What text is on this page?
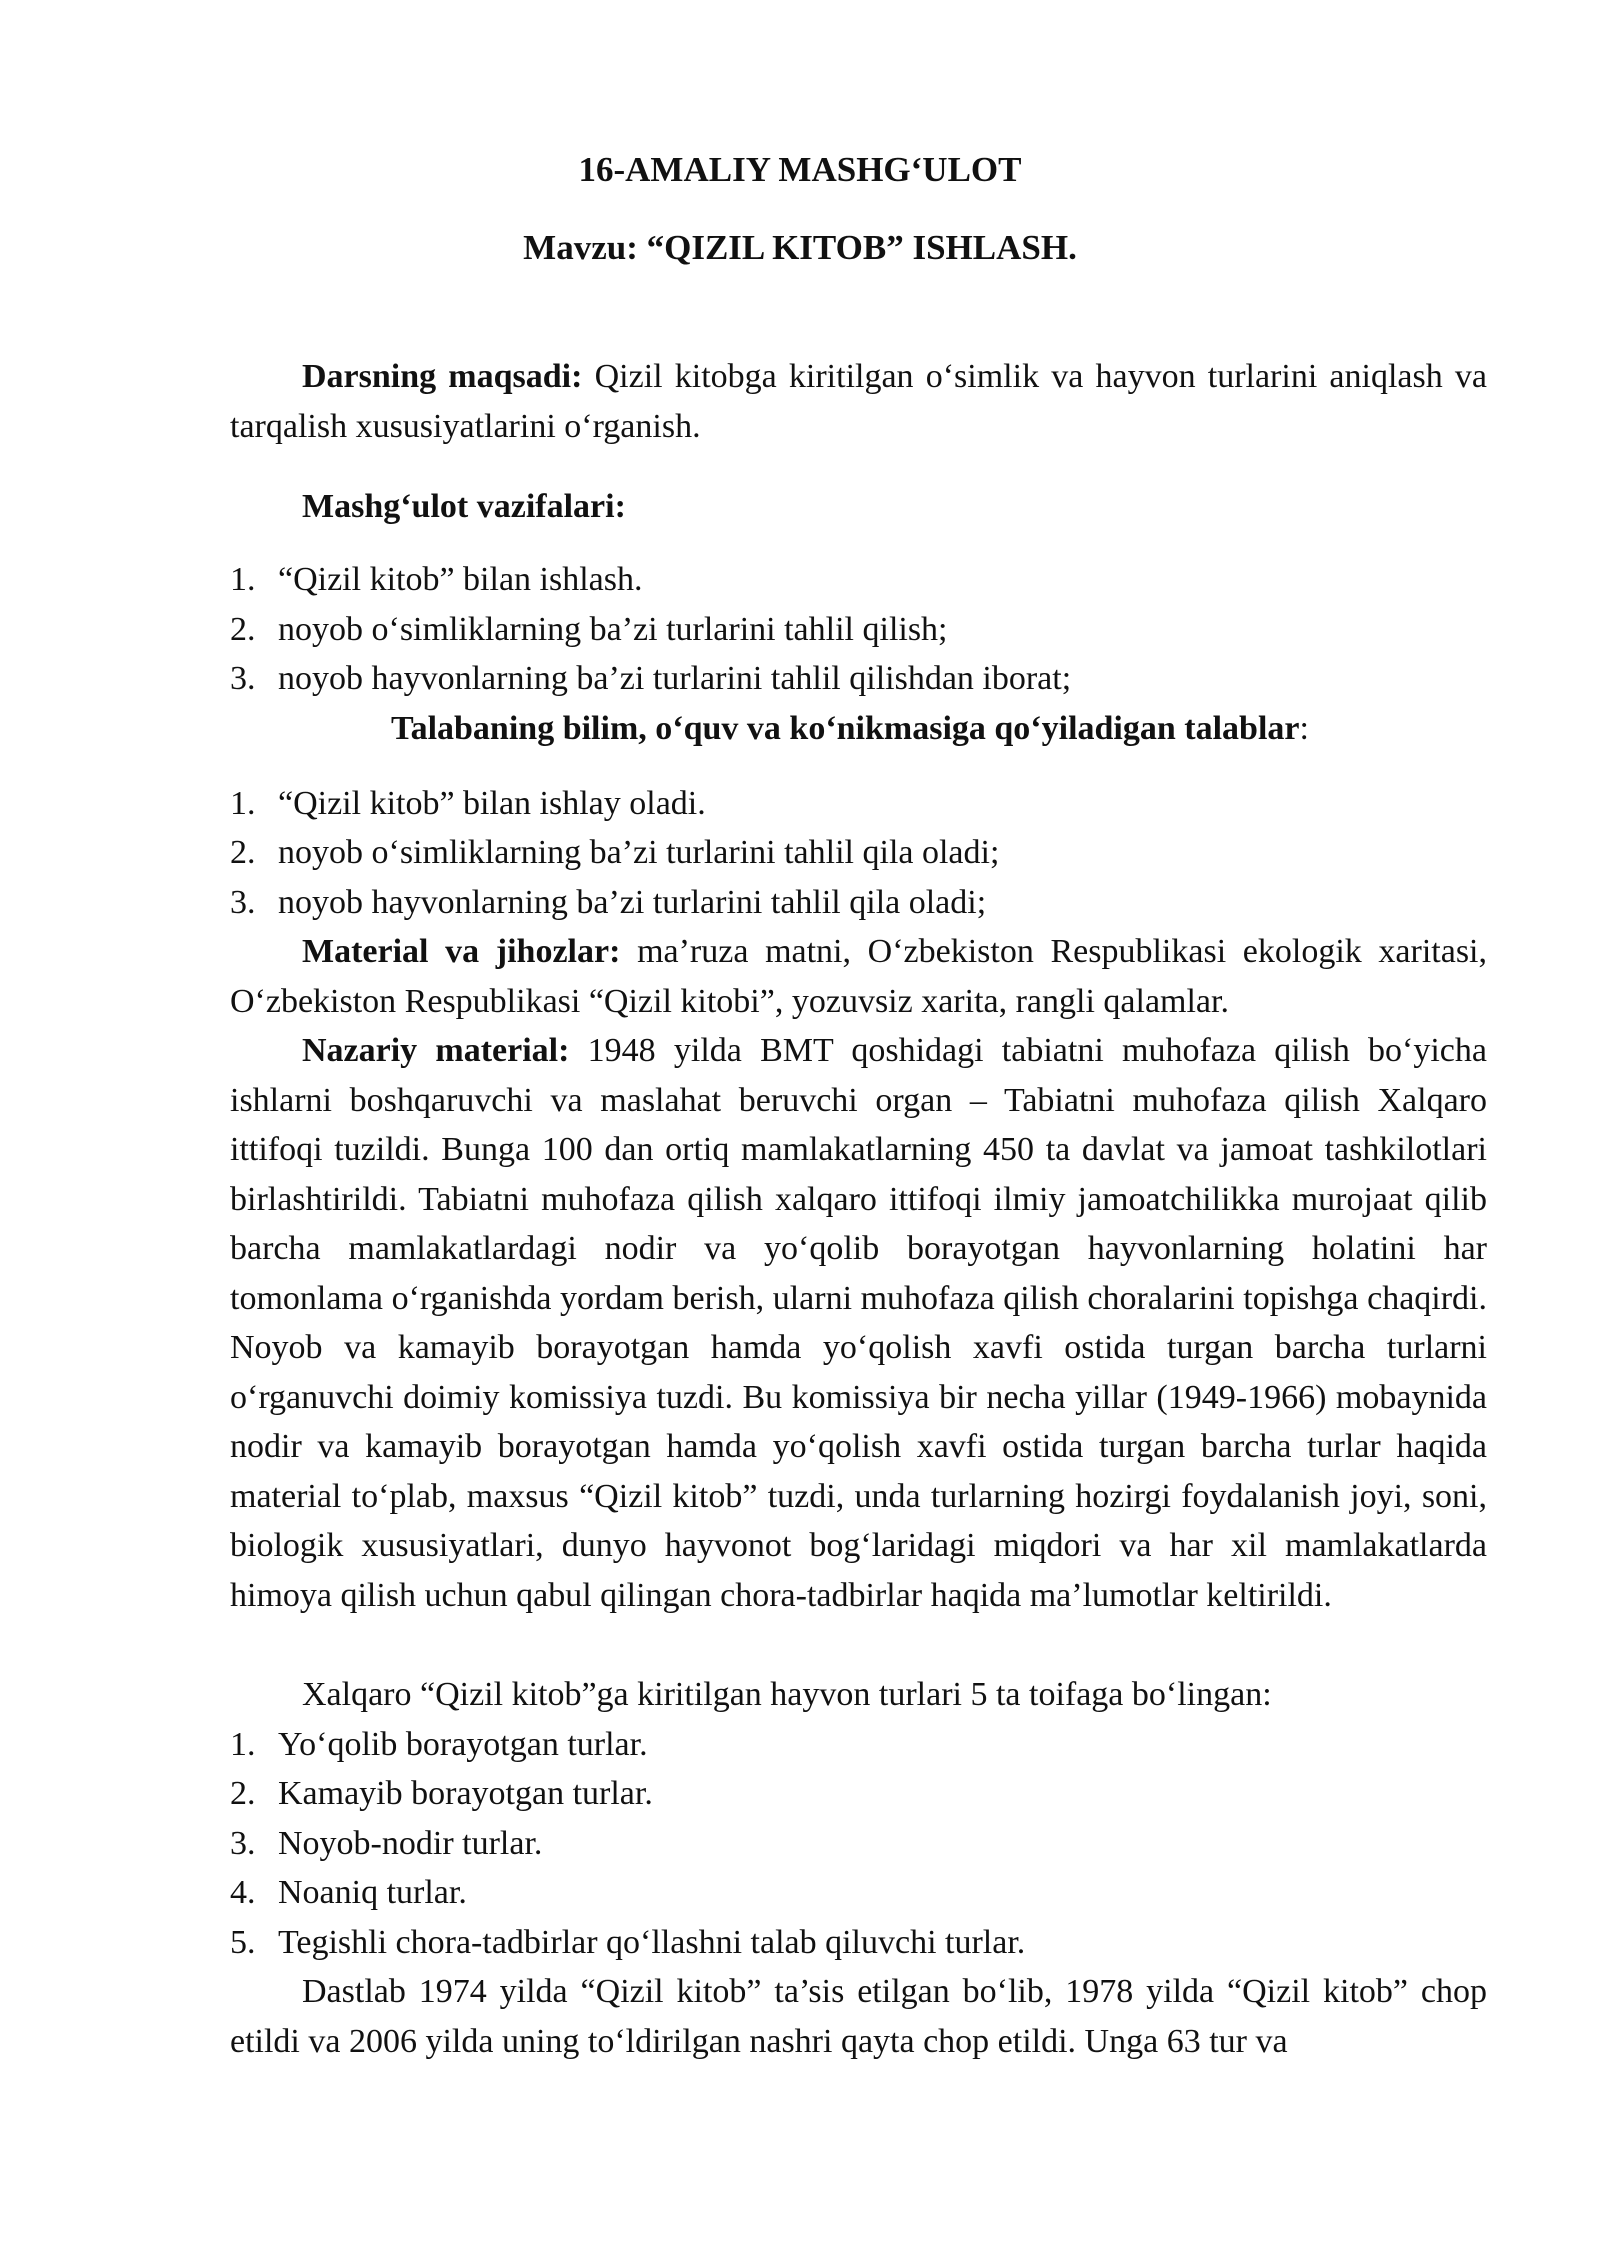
16-AMALIY MASHG‘ULOT
Mavzu: “QIZIL KITOB” ISHLASH.
Darsning maqsadi: Qizil kitobga kiritilgan o‘simlik va hayvon turlarini aniqlash va tarqalish xususiyatlarini o‘rganish.
Mashg‘ulot vazifalari:
1. “Qizil kitob” bilan ishlash.
2. noyob o‘simliklarning ba’zi turlarini tahlil qilish;
3. noyob hayvonlarning ba’zi turlarini tahlil qilishdan iborat;
Talabaning bilim, o‘quv va ko‘nikmasiga qo‘yiladigan talablar:
1. “Qizil kitob” bilan ishlay oladi.
2. noyob o‘simliklarning ba’zi turlarini tahlil qila oladi;
3. noyob hayvonlarning ba’zi turlarini tahlil qila oladi;
Material va jihozlar: ma’ruza matni, O‘zbekiston Respublikasi ekologik xaritasi, O‘zbekiston Respublikasi “Qizil kitobi”, yozuvsiz xarita, rangli qalamlar.
Nazariy material: 1948 yilda BMT qoshidagi tabiatni muhofaza qilish bo‘yicha ishlarni boshqaruvchi va maslahat beruvchi organ – Tabiatni muhofaza qilish Xalqaro ittifoqi tuzildi. Bunga 100 dan ortiq mamlakatlarning 450 ta davlat va jamoat tashkilotlari birlashtirildi. Tabiatni muhofaza qilish xalqaro ittifoqi ilmiy jamoatchilikka murojaat qilib barcha mamlakatlardagi nodir va yo‘qolib borayotgan hayvonlarning holatini har tomonlama o‘rganishda yordam berish, ularni muhofaza qilish choralarini topishga chaqirdi. Noyob va kamayib borayotgan hamda yo‘qolish xavfi ostida turgan barcha turlarni o‘rganuvchi doimiy komissiya tuzdi. Bu komissiya bir necha yillar (1949-1966) mobaynida nodir va kamayib borayotgan hamda yo‘qolish xavfi ostida turgan barcha turlar haqida material to‘plab, maxsus “Qizil kitob” tuzdi, unda turlarning hozirgi foydalanish joyi, soni, biologik xususiyatlari, dunyo hayvonot bog‘laridagi miqdori va har xil mamlakatlarda himoya qilish uchun qabul qilingan chora-tadbirlar haqida ma’lumotlar keltirildi.
Xalqaro “Qizil kitob”ga kiritilgan hayvon turlari 5 ta toifaga bo‘lingan:
1. Yo‘qolib borayotgan turlar.
2. Kamayib borayotgan turlar.
3. Noyob-nodir turlar.
4. Noaniq turlar.
5. Tegishli chora-tadbirlar qo‘llashni talab qiluvchi turlar.
Dastlab 1974 yilda “Qizil kitob” ta’sis etilgan bo‘lib, 1978 yilda “Qizil kitob” chop etildi va 2006 yilda uning to‘ldirilgan nashri qayta chop etildi. Unga 63 tur va
